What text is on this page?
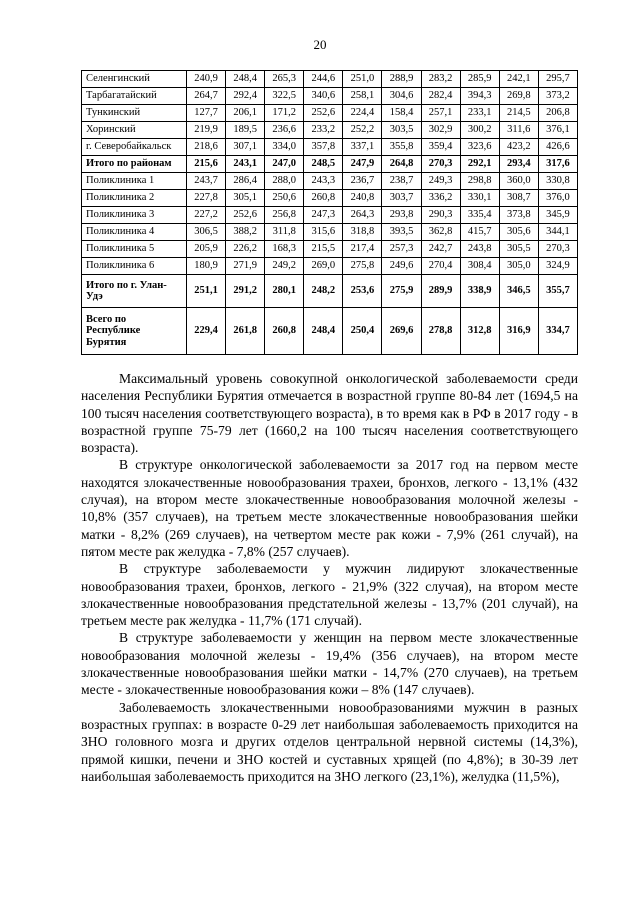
20
Селенгинский	240,9	248,4	265,3	244,6	251,0	288,9	283,2	285,9	242,1	295,7
Тарбагатайский	264,7	292,4	322,5	340,6	258,1	304,6	282,4	394,3	269,8	373,2
Тункинский	127,7	206,1	171,2	252,6	224,4	158,4	257,1	233,1	214,5	206,8
Хоринский	219,9	189,5	236,6	233,2	252,2	303,5	302,9	300,2	311,6	376,1
г. Северобайкальск	218,6	307,1	334,0	357,8	337,1	355,8	359,4	323,6	423,2	426,6
Итого по районам	215,6	243,1	247,0	248,5	247,9	264,8	270,3	292,1	293,4	317,6
Поликлиника 1	243,7	286,4	288,0	243,3	236,7	238,7	249,3	298,8	360,0	330,8
Поликлиника 2	227,8	305,1	250,6	260,8	240,8	303,7	336,2	330,1	308,7	376,0
Поликлиника 3	227,2	252,6	256,8	247,3	264,3	293,8	290,3	335,4	373,8	345,9
Поликлиника 4	306,5	388,2	311,8	315,6	318,8	393,5	362,8	415,7	305,6	344,1
Поликлиника 5	205,9	226,2	168,3	215,5	217,4	257,3	242,7	243,8	305,5	270,3
Поликлиника 6	180,9	271,9	249,2	269,0	275,8	249,6	270,4	308,4	305,0	324,9
Итого по г. Улан-Удэ	251,1	291,2	280,1	248,2	253,6	275,9	289,9	338,9	346,5	355,7
Всего по Республике Бурятия	229,4	261,8	260,8	248,4	250,4	269,6	278,8	312,8	316,9	334,7

Максимальный уровень совокупной онкологической заболеваемости среди населения Республики Бурятия отмечается в возрастной группе 80-84 лет (1694,5 на 100 тысяч населения соответствующего возраста), в то время как в РФ в 2017 году - в возрастной группе 75-79 лет (1660,2 на 100 тысяч населения соответствующего возраста).

В структуре онкологической заболеваемости за 2017 год на первом месте находятся злокачественные новообразования трахеи, бронхов, легкого - 13,1% (432 случая), на втором месте злокачественные новообразования молочной железы - 10,8% (357 случаев), на третьем месте злокачественные новообразования шейки матки - 8,2% (269 случаев), на четвертом месте рак кожи - 7,9% (261 случай), на пятом месте рак желудка - 7,8% (257 случаев).

В структуре заболеваемости у мужчин лидируют злокачественные новообразования трахеи, бронхов, легкого - 21,9% (322 случая), на втором месте злокачественные новообразования предстательной железы - 13,7% (201 случай), на третьем месте рак желудка - 11,7% (171 случай).

В структуре заболеваемости у женщин на первом месте злокачественные новообразования молочной железы - 19,4% (356 случаев), на втором месте злокачественные новообразования шейки матки - 14,7% (270 случаев), на третьем месте - злокачественные новообразования кожи – 8% (147 случаев).

Заболеваемость злокачественными новообразованиями мужчин в разных возрастных группах: в возрасте 0-29 лет наибольшая заболеваемость приходится на ЗНО головного мозга и других отделов центральной нервной системы (14,3%), прямой кишки, печени и ЗНО костей и суставных хрящей (по 4,8%); в 30-39 лет наибольшая заболеваемость приходится на ЗНО легкого (23,1%), желудка (11,5%),
